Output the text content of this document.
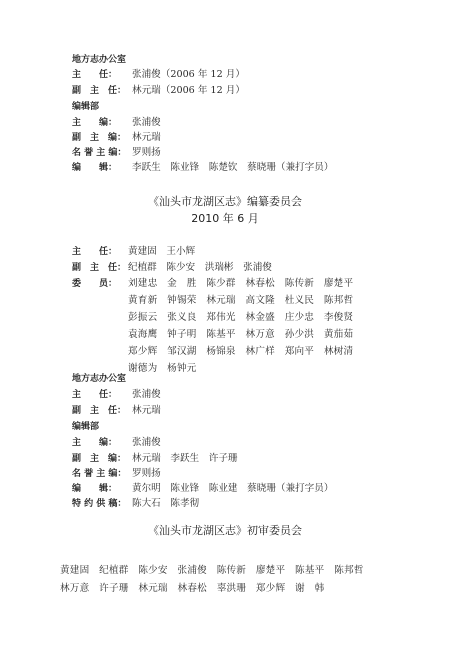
地方志办公室
主　　任： 张浦俊（2006 年 12 月）
副　主　任： 林元瑞（2006 年 12 月）
编辑部
主　　编： 张浦俊
副　主　编： 林元瑞
名 誉 主 编： 罗则扬
编　　辑： 李跃生　陈业锋　陈楚钦　蔡晓珊（兼打字员）
《汕头市龙湖区志》编纂委员会
2010 年 6 月
主　　任： 黄建固　王小辉
副　主　任： 纪植群　陈少安　洪瑞彬　张浦俊
委　　员： 刘建忠　金　胜　陈少群　林春松　陈传新　廖楚平
黄育新　钟锡荣　林元瑞　高文隆　杜义民　陈邦哲
彭振云　张义良　郑伟光　林金盛　庄少忠　李俊贤
袁海鹰　钟子明　陈基平　林万意　孙少洪　黄茄茹
郑少辉　邹汉湖　杨锦泉　林广样　郑向平　林树清
谢德为　杨钟元
地方志办公室
主　　任： 张浦俊
副　主　任： 林元瑞
编辑部
主　　编： 张浦俊
副　主　编： 林元瑞　李跃生　许子珊
名 誉 主 编： 罗则扬
编　　辑： 黄尔明　陈业锋　陈业建　蔡晓珊（兼打字员）
特 约 供 稿： 陈大石　陈孝彻
《汕头市龙湖区志》初审委员会
黄建固　纪植群　陈少安　张浦俊　陈传新　廖楚平　陈基平　陈邦哲
林万意　许子珊　林元瑞　林春松　辜洪珊　郑少辉　谢　韩
